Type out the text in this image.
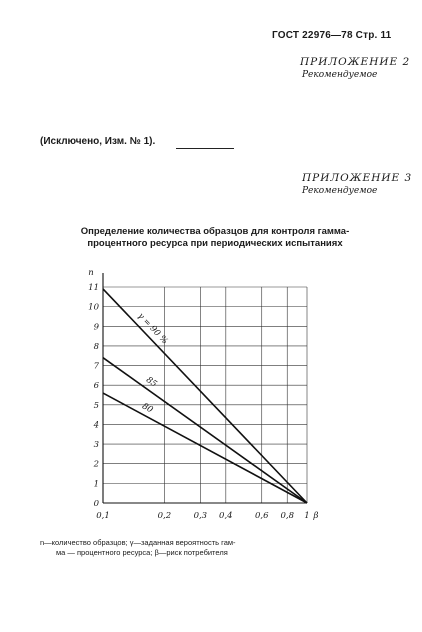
ГОСТ 22976—78 Стр. 11
ПРИЛОЖЕНИЕ 2
Рекомендуемое
(Исключено, Изм. № 1).
ПРИЛОЖЕНИЕ 3
Рекомендуемое
Определение количества образцов для контроля гамма-процентного ресурса при периодических испытаниях
0
1
2
3
4
5
6
7
8
9
10
11
0,1	0,2	0,3 0,4	0,6 0,8 1
n
β
γ = 90 %
85
80
n—количество образцов; γ—заданная вероятность гам-
ма — процентного ресурса; β—риск потребителя
